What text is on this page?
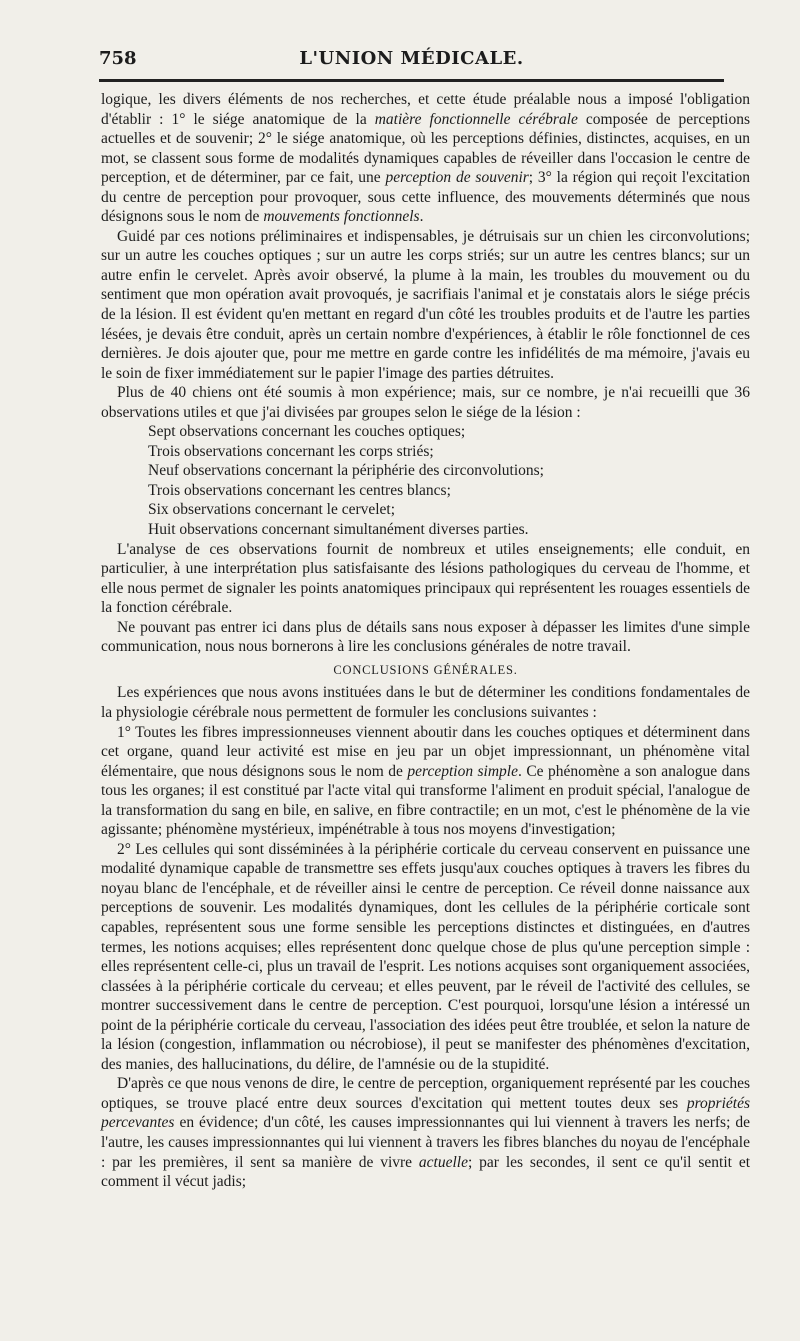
758	L'UNION MÉDICALE.

logique, les divers éléments de nos recherches, et cette étude préalable nous a imposé l'obligation d'établir : 1° le siége anatomique de la matière fonctionnelle cérébrale composée de perceptions actuelles et de souvenir; 2° le siége anatomique, où les perceptions définies, distinctes, acquises, en un mot, se classent sous forme de modalités dynamiques capables de réveiller dans l'occasion le centre de perception, et de déterminer, par ce fait, une perception de souvenir; 3° la région qui reçoit l'excitation du centre de perception pour provoquer, sous cette influence, des mouvements déterminés que nous désignons sous le nom de mouvements fonctionnels.

Guidé par ces notions préliminaires et indispensables, je détruisais sur un chien les circonvolutions; sur un autre les couches optiques ; sur un autre les corps striés; sur un autre les centres blancs; sur un autre enfin le cervelet. Après avoir observé, la plume à la main, les troubles du mouvement ou du sentiment que mon opération avait provoqués, je sacrifiais l'animal et je constatais alors le siége précis de la lésion. Il est évident qu'en mettant en regard d'un côté les troubles produits et de l'autre les parties lésées, je devais être conduit, après un certain nombre d'expériences, à établir le rôle fonctionnel de ces dernières. Je dois ajouter que, pour me mettre en garde contre les infidélités de ma mémoire, j'avais eu le soin de fixer immédiatement sur le papier l'image des parties détruites.

Plus de 40 chiens ont été soumis à mon expérience; mais, sur ce nombre, je n'ai recueilli que 36 observations utiles et que j'ai divisées par groupes selon le siége de la lésion :

Sept observations concernant les couches optiques;
Trois observations concernant les corps striés;
Neuf observations concernant la périphérie des circonvolutions;
Trois observations concernant les centres blancs;
Six observations concernant le cervelet;
Huit observations concernant simultanément diverses parties.

L'analyse de ces observations fournit de nombreux et utiles enseignements; elle conduit, en particulier, à une interprétation plus satisfaisante des lésions pathologiques du cerveau de l'homme, et elle nous permet de signaler les points anatomiques principaux qui représentent les rouages essentiels de la fonction cérébrale.

Ne pouvant pas entrer ici dans plus de détails sans nous exposer à dépasser les limites d'une simple communication, nous nous bornerons à lire les conclusions générales de notre travail.

CONCLUSIONS GÉNÉRALES.

Les expériences que nous avons instituées dans le but de déterminer les conditions fondamentales de la physiologie cérébrale nous permettent de formuler les conclusions suivantes :

1° Toutes les fibres impressionneuses viennent aboutir dans les couches optiques et déterminent dans cet organe, quand leur activité est mise en jeu par un objet impressionnant, un phénomène vital élémentaire, que nous désignons sous le nom de perception simple. Ce phénomène a son analogue dans tous les organes; il est constitué par l'acte vital qui transforme l'aliment en produit spécial, l'analogue de la transformation du sang en bile, en salive, en fibre contractile; en un mot, c'est le phénomène de la vie agissante; phénomène mystérieux, impénétrable à tous nos moyens d'investigation;

2° Les cellules qui sont disséminées à la périphérie corticale du cerveau conservent en puissance une modalité dynamique capable de transmettre ses effets jusqu'aux couches optiques à travers les fibres du noyau blanc de l'encéphale, et de réveiller ainsi le centre de perception. Ce réveil donne naissance aux perceptions de souvenir. Les modalités dynamiques, dont les cellules de la périphérie corticale sont capables, représentent sous une forme sensible les perceptions distinctes et distinguées, en d'autres termes, les notions acquises; elles représentent donc quelque chose de plus qu'une perception simple : elles représentent celle-ci, plus un travail de l'esprit. Les notions acquises sont organiquement associées, classées à la périphérie corticale du cerveau; et elles peuvent, par le réveil de l'activité des cellules, se montrer successivement dans le centre de perception. C'est pourquoi, lorsqu'une lésion a intéressé un point de la périphérie corticale du cerveau, l'association des idées peut être troublée, et selon la nature de la lésion (congestion, inflammation ou nécrobiose), il peut se manifester des phénomènes d'excitation, des manies, des hallucinations, du délire, de l'amnésie ou de la stupidité.

D'après ce que nous venons de dire, le centre de perception, organiquement représenté par les couches optiques, se trouve placé entre deux sources d'excitation qui mettent toutes deux ses propriétés percevantes en évidence; d'un côté, les causes impressionnantes qui lui viennent à travers les nerfs; de l'autre, les causes impressionnantes qui lui viennent à travers les fibres blanches du noyau de l'encéphale : par les premières, il sent sa manière de vivre actuelle; par les secondes, il sent ce qu'il sentit et comment il vécut jadis;
